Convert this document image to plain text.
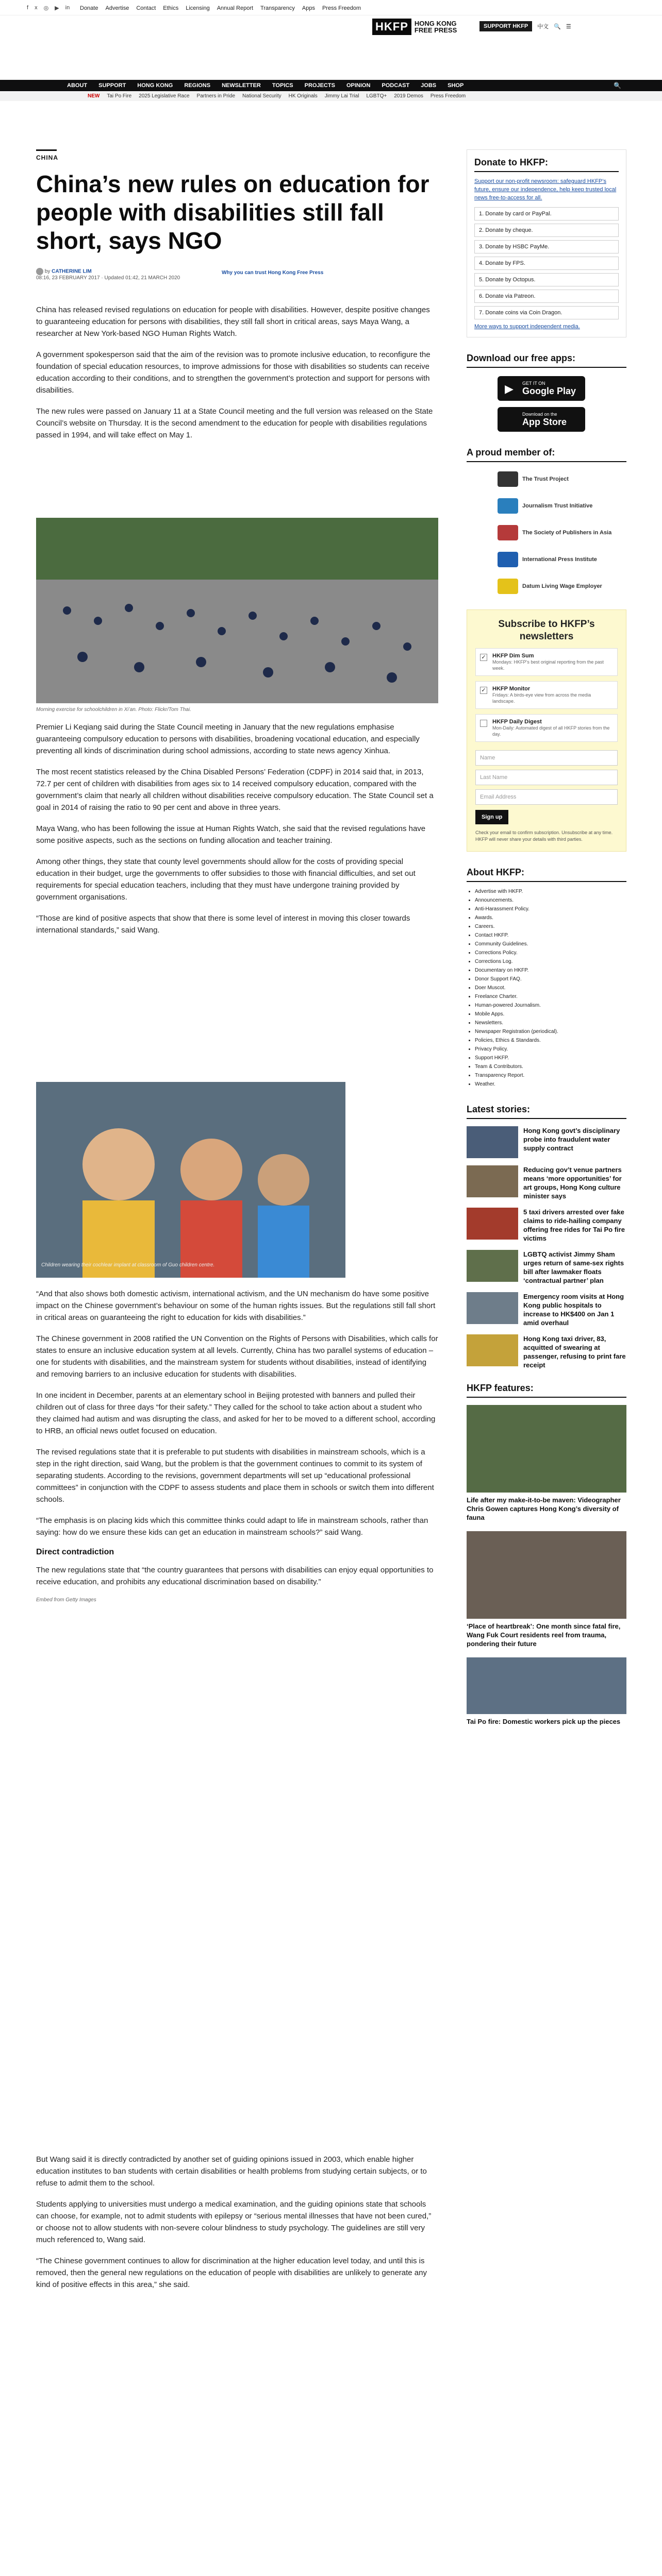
f x ◎ ▶ in Donate Advertise Contact Ethics Licensing Annual Report Transparency Apps Press Freedom
HKFP HONG KONG
FREE PRESS	SUPPORT HKFP	中文 🔍 ☰
ABOUT SUPPORT HONG KONG REGIONS NEWSLETTER TOPICS PROJECTS OPINION PODCAST JOBS SHOP	🔍
NEW Tai Po Fire 2025 Legislative Race Partners in Pride National Security HK Originals Jimmy Lai Trial LGBTQ+ 2019 Demos Press Freedom
CHINA
China’s new rules on education for people with disabilities still fall short, says NGO
by CATHERINE LIM
08:16, 23 FEBRUARY 2017 · Updated 01:42, 21 MARCH 2020
Why you can trust Hong Kong Free Press

China has released revised regulations on education for people with disabilities. However, despite positive changes to guaranteeing education for persons with disabilities, they still fall short in critical areas, says Maya Wang, a researcher at New York-based NGO Human Rights Watch.

A government spokesperson said that the aim of the revision was to promote inclusive education, to reconfigure the foundation of special education resources, to improve admissions for those with disabilities so students can receive education according to their conditions, and to strengthen the government’s protection and support for persons with disabilities.

The new rules were passed on January 11 at a State Council meeting and the full version was released on the State Council’s website on Thursday. It is the second amendment to the education for people with disabilities regulations passed in 1994, and will take effect on May 1.

Morning exercise for schoolchildren in Xi’an. Photo: Flickr/Tom Thai.

Premier Li Keqiang said during the State Council meeting in January that the new regulations emphasise guaranteeing compulsory education to persons with disabilities, broadening vocational education, and especially preventing all kinds of discrimination during school admissions, according to state news agency Xinhua.

The most recent statistics released by the China Disabled Persons’ Federation (CDPF) in 2014 said that, in 2013, 72.7 per cent of children with disabilities from ages six to 14 received compulsory education, compared with the government’s claim that nearly all children without disabilities receive compulsory education. The State Council set a goal in 2014 of raising the ratio to 90 per cent and above in three years.

Maya Wang, who has been following the issue at Human Rights Watch, she said that the revised regulations have some positive aspects, such as the sections on funding allocation and teacher training.

Among other things, they state that county level governments should allow for the costs of providing special education in their budget, urge the governments to offer subsidies to those with financial difficulties, and set out requirements for special education teachers, including that they must have undergone training provided by government organisations.

“Those are kind of positive aspects that show that there is some level of interest in moving this closer towards international standards,” said Wang.

Children wearing their cochlear implant at classroom of Guo children centre.

“And that also shows both domestic activism, international activism, and the UN mechanism do have some positive impact on the Chinese government’s behaviour on some of the human rights issues. But the regulations still fall short in critical areas on guaranteeing the right to education for kids with disabilities.”

The Chinese government in 2008 ratified the UN Convention on the Rights of Persons with Disabilities, which calls for states to ensure an inclusive education system at all levels. Currently, China has two parallel systems of education – one for students with disabilities, and the mainstream system for students without disabilities, instead of identifying and removing barriers to an inclusive education for students with disabilities.

In one incident in December, parents at an elementary school in Beijing protested with banners and pulled their children out of class for three days “for their safety.” They called for the school to take action about a student who they claimed had autism and was disrupting the class, and asked for her to be moved to a different school, according to HRB, an official news outlet focused on education.

The revised regulations state that it is preferable to put students with disabilities in mainstream schools, which is a step in the right direction, said Wang, but the problem is that the government continues to commit to its system of separating students. According to the revisions, government departments will set up “educational professional committees” in conjunction with the CDPF to assess students and place them in schools or switch them into different schools.

“The emphasis is on placing kids which this committee thinks could adapt to life in mainstream schools, rather than saying: how do we ensure these kids can get an education in mainstream schools?” said Wang.

Direct contradiction

The new regulations state that “the country guarantees that persons with disabilities can enjoy equal opportunities to receive education, and prohibits any educational discrimination based on disability.”

Embed from Getty Images

But Wang said it is directly contradicted by another set of guiding opinions issued in 2003, which enable higher education institutes to ban students with certain disabilities or health problems from studying certain subjects, or to refuse to admit them to the school.

Students applying to universities must undergo a medical examination, and the guiding opinions state that schools can choose, for example, not to admit students with epilepsy or “serious mental illnesses that have not been cured,” or choose not to allow students with non-severe colour blindness to study psychology. The guidelines are still very much referenced to, Wang said.

“The Chinese government continues to allow for discrimination at the higher education level today, and until this is removed, then the general new regulations on the education of people with disabilities are unlikely to generate any kind of positive effects in this area,” she said.

Donate to HKFP:

Support our non-profit newsroom: safeguard HKFP’s future, ensure our independence, help keep trusted local news free-to-access for all.

1. Donate by card or PayPal.
2. Donate by cheque.
3. Donate by HSBC PayMe.
4. Donate by FPS.
5. Donate by Octopus.
6. Donate via Patreon.
7. Donate coins via Coin Dragon.

More ways to support independent media.

Download our free apps:
▶ GET IT ON
Google Play
Download on the
App Store
A proud member of:
The Trust Project
Journalism Trust Initiative
The Society of Publishers in Asia
International Press Institute
Datum Living Wage Employer
Subscribe to HKFP’s newsletters
✓ HKFP Dim Sum
Mondays: HKFP’s best original reporting from the past week.
✓ HKFP Monitor
Fridays: A birds-eye view from across the media landscape.
HKFP Daily Digest
Mon-Daily: Automated digest of all HKFP stories from the day.
Name
Last Name
Email Address
Sign up

Check your email to confirm subscription. Unsubscribe at any time. HKFP will never share your details with third parties.

About HKFP:
• Advertise with HKFP.
• Announcements.
• Anti-Harassment Policy.
• Awards.
• Careers.
• Contact HKFP.
• Community Guidelines.
• Corrections Policy.
• Corrections Log.
• Documentary on HKFP.
• Donor Support FAQ.
• Doer Muscot.
• Freelance Charter.
• Human-powered Journalism.
• Mobile Apps.
• Newsletters.
• Newspaper Registration (periodical).
• Policies, Ethics & Standards.
• Privacy Policy.
• Support HKFP.
• Team & Contributors.
• Transparency Report.
• Weather.
Latest stories:
Hong Kong govt’s disciplinary probe into fraudulent water supply contract
Reducing gov’t venue partners means ‘more opportunities’ for art groups, Hong Kong culture minister says
5 taxi drivers arrested over fake claims to ride-hailing company offering free rides for Tai Po fire victims
LGBTQ activist Jimmy Sham urges return of same-sex rights bill after lawmaker floats ‘contractual partner’ plan
Emergency room visits at Hong Kong public hospitals to increase to HK$400 on Jan 1 amid overhaul
Hong Kong taxi driver, 83, acquitted of swearing at passenger, refusing to print fare receipt
HKFP features:
Life after my make-it-to-be maven: Videographer Chris Gowen captures Hong Kong’s diversity of fauna
‘Place of heartbreak’: One month since fatal fire, Wang Fuk Court residents reel from trauma, pondering their future
Tai Po fire: Domestic workers pick up the pieces
